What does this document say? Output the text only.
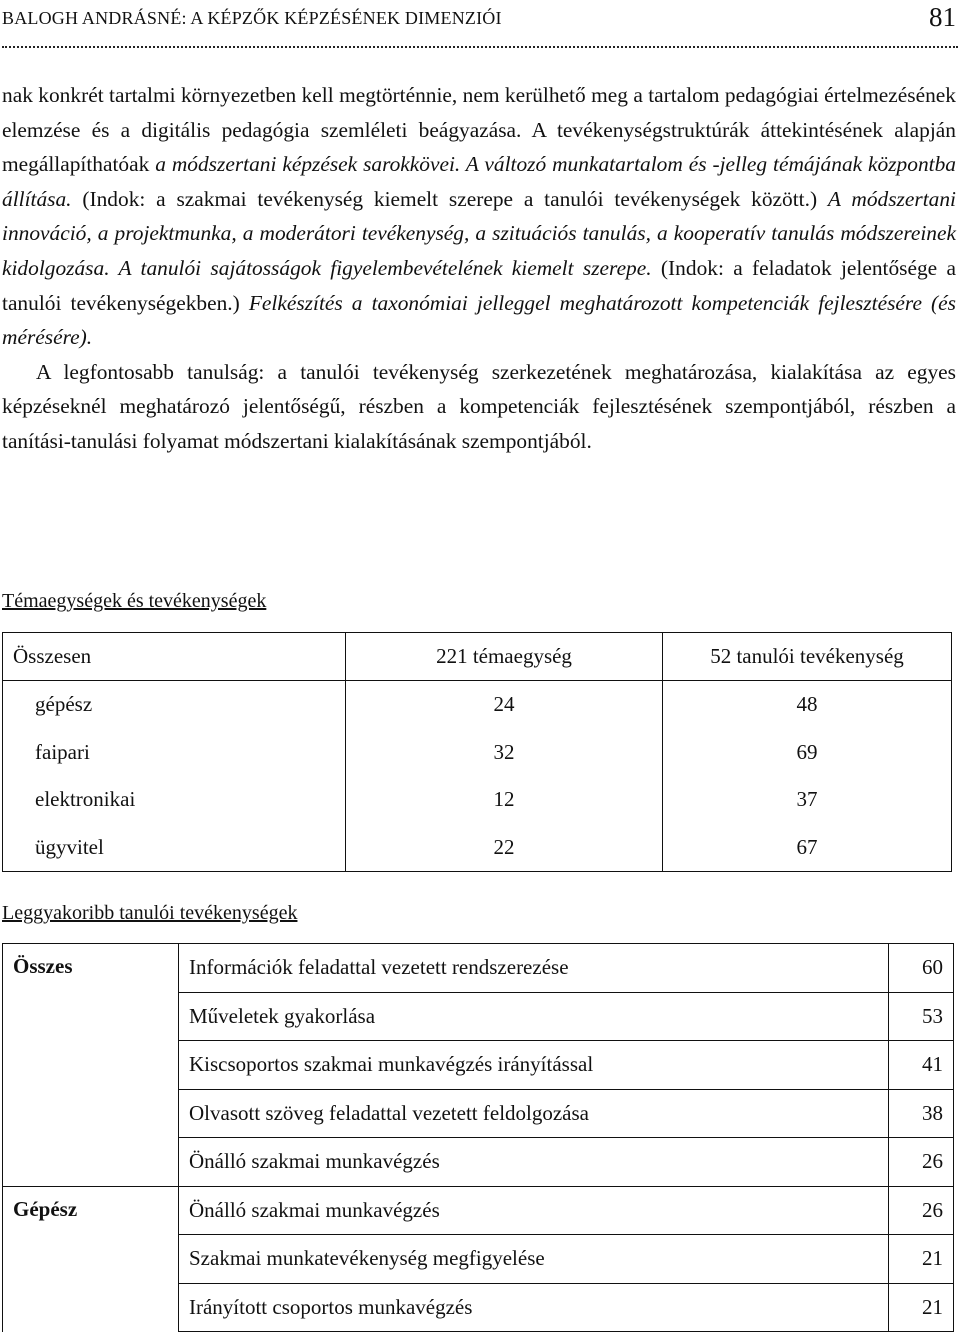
BALOGH ANDRÁSNÉ: A KÉPZŐK KÉPZÉSÉNEK DIMENZIÓI	81

nak konkrét tartalmi környezetben kell megtörténnie, nem kerülhető meg a tartalom pedagógiai értelmezésének elemzése és a digitális pedagógia szemléleti beágyazása. A tevékenységstruktúrák áttekintésének alapján megállapíthatóak a módszertani képzések sarokkövei. A változó munkatartalom és -jelleg témájának központba állítása. (Indok: a szakmai tevékenység kiemelt szerepe a tanulói tevékenységek között.) A módszertani innováció, a projektmunka, a moderátori tevékenység, a szituációs tanulás, a kooperatív tanulás módszereinek kidolgozása. A tanulói sajátosságok figyelembevételének kiemelt szerepe. (Indok: a feladatok jelentősége a tanulói tevékenységekben.) Felkészítés a taxonómiai jelleggel meghatározott kompetenciák fejlesztésére (és mérésére).

A legfontosabb tanulság: a tanulói tevékenység szerkezetének meghatározása, kialakítása az egyes képzéseknél meghatározó jelentőségű, részben a kompetenciák fejlesztésének szempontjából, részben a tanítási-tanulási folyamat módszertani kialakításának szempontjából.

Témaegységek és tevékenységek
Összesen	221 témaegység	52 tanulói tevékenység
gépész	24	48
faipari	32	69
elektronikai	12	37
ügyvitel	22	67
Leggyakoribb tanulói tevékenységek
Összes	Információk feladattal vezetett rendszerezése	60
	Műveletek gyakorlása	53
	Kiscsoportos szakmai munkavégzés irányítással	41
	Olvasott szöveg feladattal vezetett feldolgozása	38
	Önálló szakmai munkavégzés	26
Gépész	Önálló szakmai munkavégzés	26
	Szakmai munkatevékenység megfigyelése	21
	Irányított csoportos munkavégzés	21
